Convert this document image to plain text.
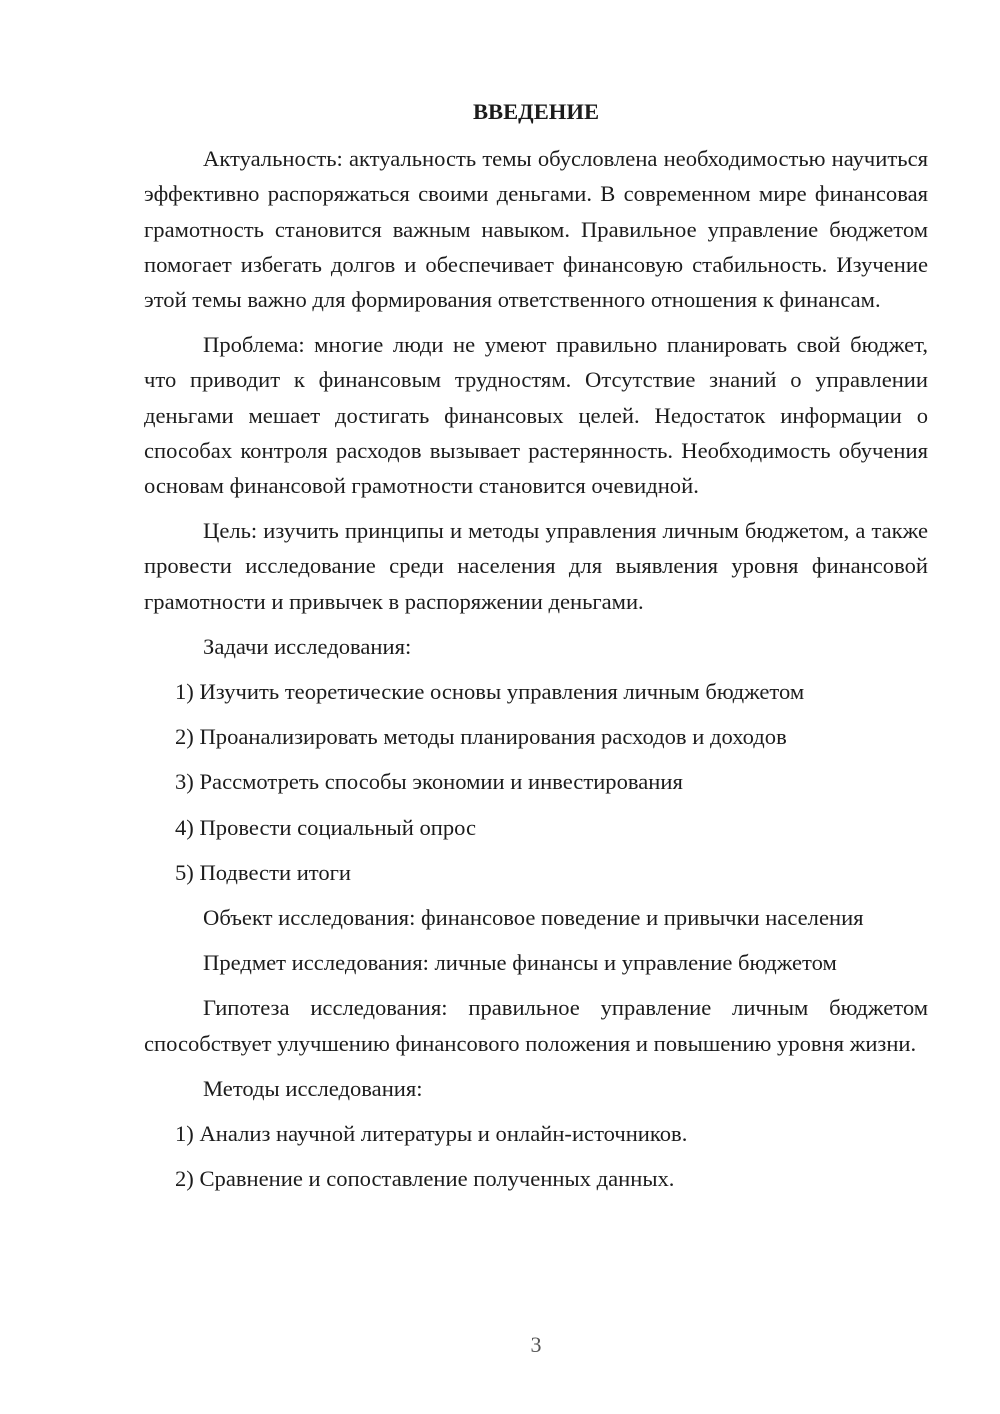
ВВЕДЕНИЕ
Актуальность: актуальность темы обусловлена необходимостью научиться эффективно распоряжаться своими деньгами. В современном мире финансовая грамотность становится важным навыком. Правильное управление бюджетом помогает избегать долгов и обеспечивает финансовую стабильность. Изучение этой темы важно для формирования ответственного отношения к финансам.
Проблема: многие люди не умеют правильно планировать свой бюджет, что приводит к финансовым трудностям. Отсутствие знаний о управлении деньгами мешает достигать финансовых целей. Недостаток информации о способах контроля расходов вызывает растерянность. Необходимость обучения основам финансовой грамотности становится очевидной.
Цель: изучить принципы и методы управления личным бюджетом, а также провести исследование среди населения для выявления уровня финансовой грамотности и привычек в распоряжении деньгами.
Задачи исследования:
1) Изучить теоретические основы управления личным бюджетом
2) Проанализировать методы планирования расходов и доходов
3) Рассмотреть способы экономии и инвестирования
4) Провести социальный опрос
5) Подвести итоги
Объект исследования: финансовое поведение и привычки населения
Предмет исследования: личные финансы и управление бюджетом
Гипотеза исследования: правильное управление личным бюджетом способствует улучшению финансового положения и повышению уровня жизни.
Методы исследования:
1) Анализ научной литературы и онлайн-источников.
2) Сравнение и сопоставление полученных данных.
3
